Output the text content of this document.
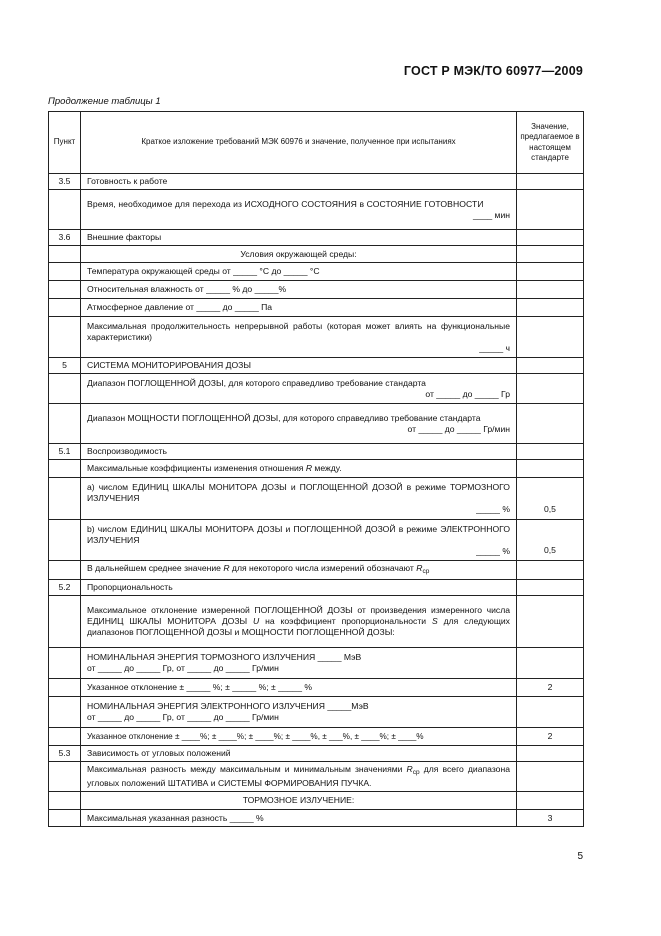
ГОСТ Р МЭК/ТО 60977—2009
Продолжение таблицы 1
Пункт	Краткое изложение требований МЭК 60976 и значение, полученное при испытаниях	Значение, предлагаемое в настоящем стандарте
3.5	Готовность к работе	

	Время, необходимое для перехода из ИСХОДНОГО СОСТОЯНИЯ в СОСТОЯНИЕ ГОТОВНОСТИ
____ мин	

3.6	Внешние факторы	
	Условия окружающей среды:	
	Температура окружающей среды от _____ °С до _____ °С	
	Относительная влажность от _____ % до _____%	
	Атмосферное давление от _____ до _____ Па	

	Максимальная продолжительность непрерывной работы (которая может влиять на функциональные характеристики)
_____ ч	

5	СИСТЕМА МОНИТОРИРОВАНИЯ ДОЗЫ	

	Диапазон ПОГЛОЩЕННОЙ ДОЗЫ, для которого справедливо требование стандарта
от _____ до _____ Гр	

	Диапазон МОЩНОСТИ ПОГЛОЩЕННОЙ ДОЗЫ, для которого справедливо требование стандарта
от _____ до _____ Гр/мин	

5.1	Воспроизводимость	
	Максимальные коэффициенты изменения отношения R между.	

	a) числом ЕДИНИЦ ШКАЛЫ МОНИТОРА ДОЗЫ и ПОГЛОЩЕННОЙ ДОЗОЙ в режиме ТОРМОЗНОГО ИЗЛУЧЕНИЯ
_____ %	0,5

	b) числом ЕДИНИЦ ШКАЛЫ МОНИТОРА ДОЗЫ и ПОГЛОЩЕННОЙ ДОЗОЙ в режиме ЭЛЕКТРОННОГО ИЗЛУЧЕНИЯ
_____ %	0,5
	В дальнейшем среднее значение R для некоторого числа измерений обозначают $R_{ср}$	
5.2	Пропорциональность	
	Максимальное отклонение измеренной ПОГЛОЩЕННОЙ ДОЗЫ от произведения измеренного числа ЕДИНИЦ ШКАЛЫ МОНИТОРА ДОЗЫ U на коэффициент пропорциональности S для следующих диапазонов ПОГЛОЩЕННОЙ ДОЗЫ и МОЩНОСТИ ПОГЛОЩЕННОЙ ДОЗЫ:	

	НОМИНАЛЬНАЯ ЭНЕРГИЯ ТОРМОЗНОГО ИЗЛУЧЕНИЯ _____ МэВ
от _____ до _____ Гр, от _____ до _____ Гр/мин	

	Указанное отклонение ± _____ %; ± _____ %; ± _____ %	2

	НОМИНАЛЬНАЯ ЭНЕРГИЯ ЭЛЕКТРОННОГО ИЗЛУЧЕНИЯ _____МэВ
от _____ до _____ Гр, от _____ до _____ Гр/мин	

	Указанное отклонение ± ____%; ± ____%; ± ____%; ± ____%, ± ___%, ± ____%; ± ____%	2
5.3	Зависимость от угловых положений	
	Максимальная разность между максимальным и минимальным значениями $R_{ср}$ для всего диапазона угловых положений ШТАТИВА и СИСТЕМЫ ФОРМИРОВАНИЯ ПУЧКА.	
	ТОРМОЗНОЕ ИЗЛУЧЕНИЕ:	
	Максимальная указанная разность _____ %	3
5
